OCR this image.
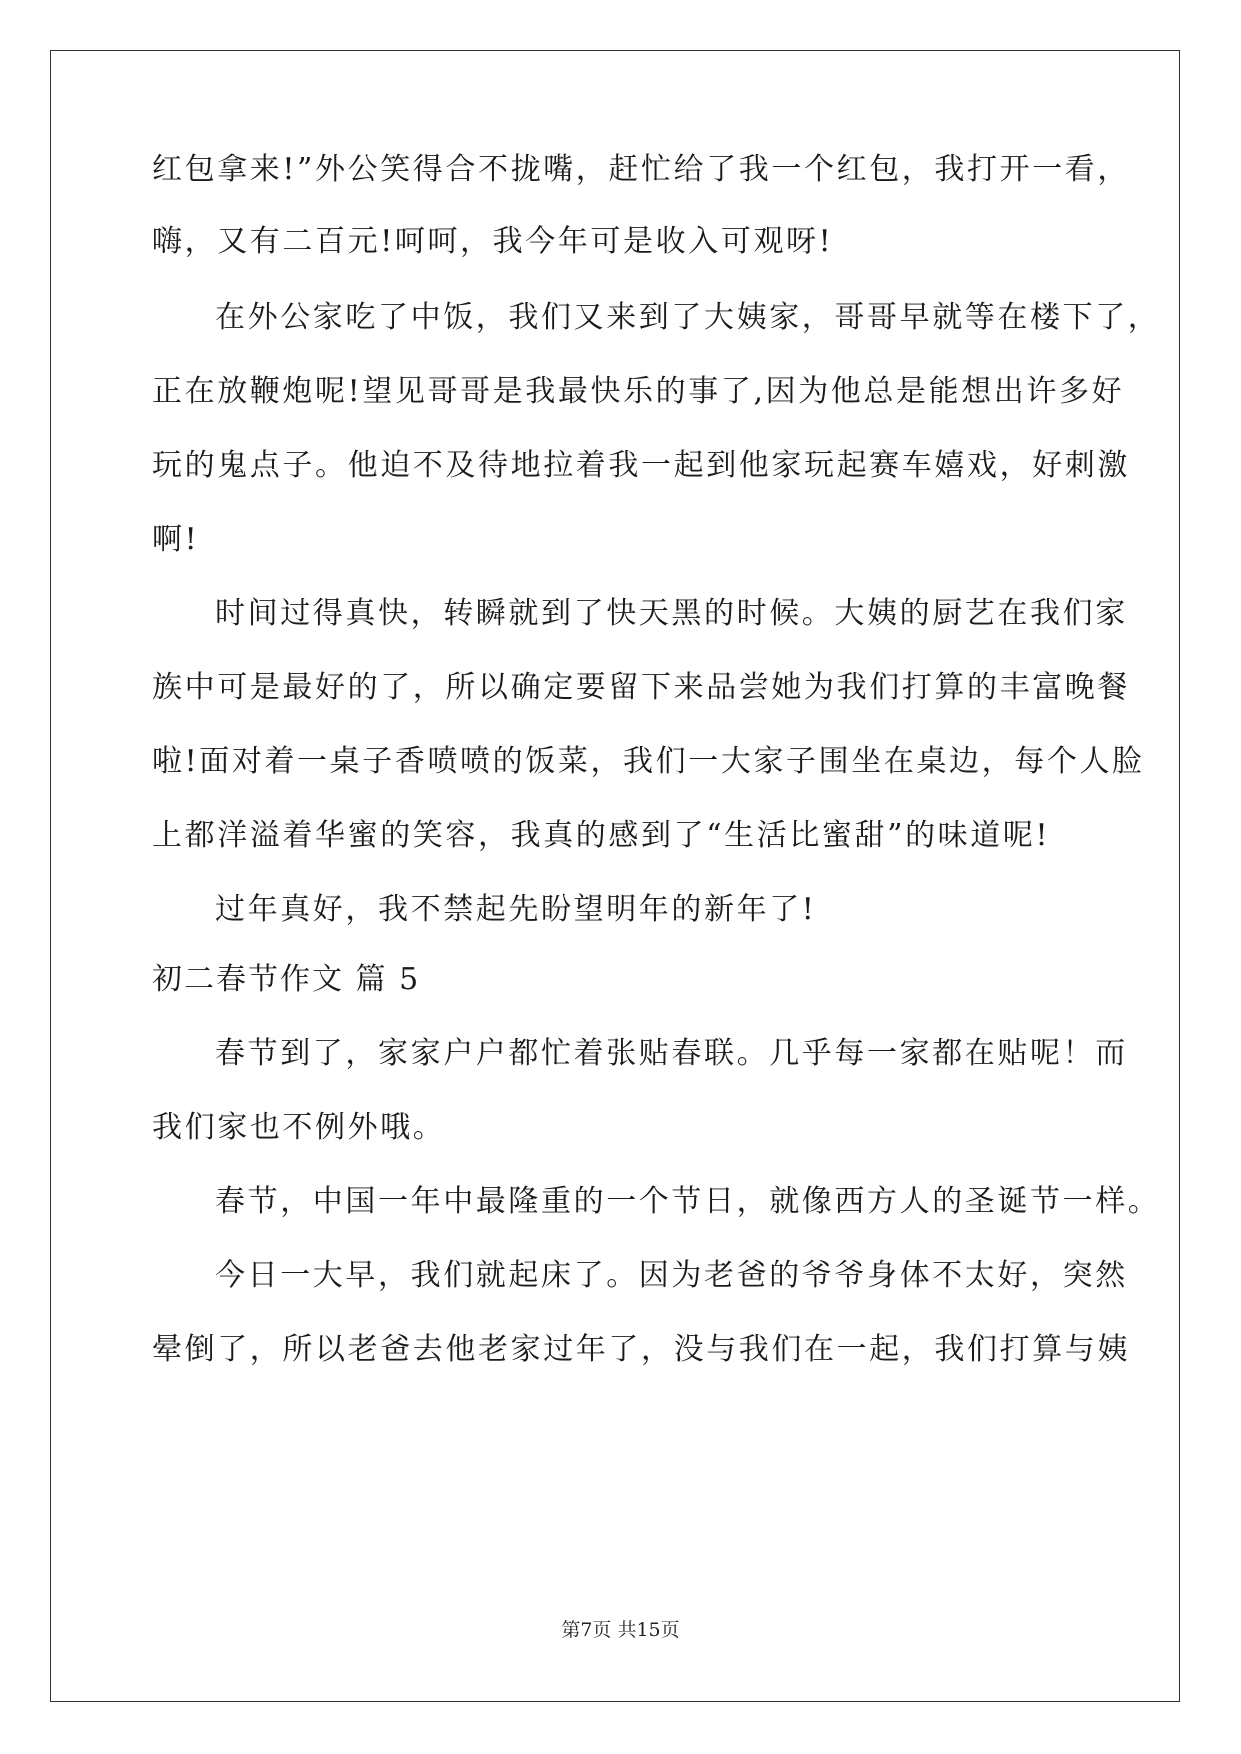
红包拿来!”外公笑得合不拢嘴，赶忙给了我一个红包，我打开一看，
嗨，又有二百元!呵呵，我今年可是收入可观呀!
在外公家吃了中饭，我们又来到了大姨家，哥哥早就等在楼下了，
正在放鞭炮呢!望见哥哥是我最快乐的事了,因为他总是能想出许多好
玩的鬼点子。他迫不及待地拉着我一起到他家玩起赛车嬉戏，好刺激
啊!
时间过得真快，转瞬就到了快天黑的时候。大姨的厨艺在我们家
族中可是最好的了，所以确定要留下来品尝她为我们打算的丰富晚餐
啦!面对着一桌子香喷喷的饭菜，我们一大家子围坐在桌边，每个人脸
上都洋溢着华蜜的笑容，我真的感到了“生活比蜜甜”的味道呢!
过年真好，我不禁起先盼望明年的新年了!
初二春节作文 篇 5
春节到了，家家户户都忙着张贴春联。几乎每一家都在贴呢！而
我们家也不例外哦。
春节，中国一年中最隆重的一个节日，就像西方人的圣诞节一样。
今日一大早，我们就起床了。因为老爸的爷爷身体不太好，突然
晕倒了，所以老爸去他老家过年了，没与我们在一起，我们打算与姨
第7页 共15页
